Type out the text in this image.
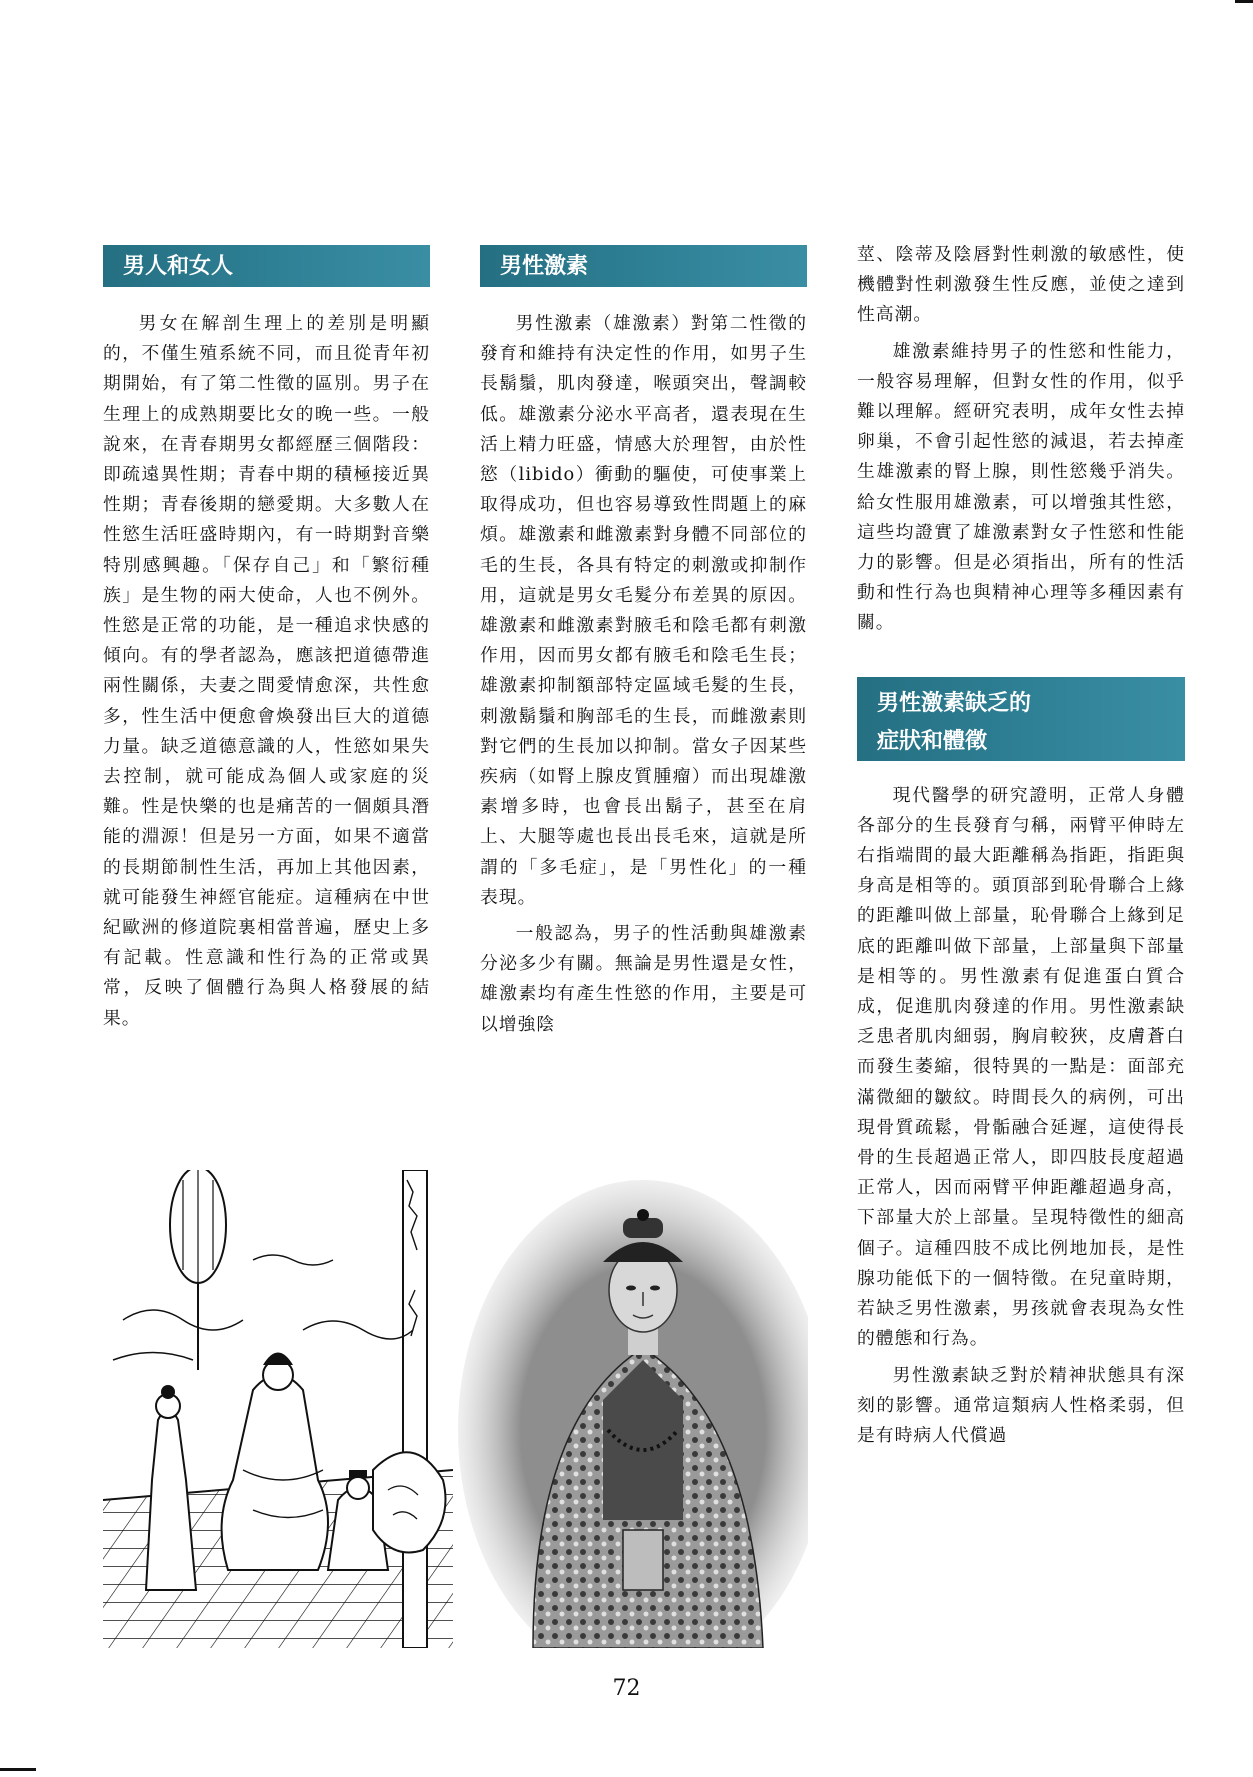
男人和女人

男女在解剖生理上的差別是明顯的，不僅生殖系統不同，而且從青年初期開始，有了第二性徵的區別。男子在生理上的成熟期要比女的晚一些。一般說來，在青春期男女都經歷三個階段：即疏遠異性期；青春中期的積極接近異性期；青春後期的戀愛期。大多數人在性慾生活旺盛時期內，有一時期對音樂特別感興趣。「保存自己」和「繁衍種族」是生物的兩大使命，人也不例外。性慾是正常的功能，是一種追求快感的傾向。有的學者認為，應該把道德帶進兩性關係，夫妻之間愛情愈深，共性愈多，性生活中便愈會煥發出巨大的道德力量。缺乏道德意識的人，性慾如果失去控制，就可能成為個人或家庭的災難。性是快樂的也是痛苦的一個頗具潛能的淵源！但是另一方面，如果不適當的長期節制性生活，再加上其他因素，就可能發生神經官能症。這種病在中世紀歐洲的修道院裏相當普遍，歷史上多有記載。性意識和性行為的正常或異常，反映了個體行為與人格發展的結果。

男性激素

男性激素（雄激素）對第二性徵的發育和維持有決定性的作用，如男子生長鬍鬚，肌肉發達，喉頭突出，聲調較低。雄激素分泌水平高者，還表現在生活上精力旺盛，情感大於理智，由於性慾（libido）衝動的驅使，可使事業上取得成功，但也容易導致性問題上的麻煩。雄激素和雌激素對身體不同部位的毛的生長，各具有特定的刺激或抑制作用，這就是男女毛髮分布差異的原因。雄激素和雌激素對腋毛和陰毛都有刺激作用，因而男女都有腋毛和陰毛生長；雄激素抑制額部特定區域毛髮的生長，刺激鬍鬚和胸部毛的生長，而雌激素則對它們的生長加以抑制。當女子因某些疾病（如腎上腺皮質腫瘤）而出現雄激素增多時，也會長出鬍子，甚至在肩上、大腿等處也長出長毛來，這就是所謂的「多毛症」，是「男性化」的一種表現。

一般認為，男子的性活動與雄激素分泌多少有關。無論是男性還是女性，雄激素均有產生性慾的作用，主要是可以增強陰

莖、陰蒂及陰唇對性刺激的敏感性，使機體對性刺激發生性反應，並使之達到性高潮。

雄激素維持男子的性慾和性能力，一般容易理解，但對女性的作用，似乎難以理解。經研究表明，成年女性去掉卵巢，不會引起性慾的減退，若去掉產生雄激素的腎上腺，則性慾幾乎消失。給女性服用雄激素，可以增強其性慾，這些均證實了雄激素對女子性慾和性能力的影響。但是必須指出，所有的性活動和性行為也與精神心理等多種因素有關。

男性激素缺乏的
症狀和體徵

現代醫學的研究證明，正常人身體各部分的生長發育勻稱，兩臂平伸時左右指端間的最大距離稱為指距，指距與身高是相等的。頭頂部到恥骨聯合上緣的距離叫做上部量，恥骨聯合上緣到足底的距離叫做下部量，上部量與下部量是相等的。男性激素有促進蛋白質合成，促進肌肉發達的作用。男性激素缺乏患者肌肉細弱，胸肩較狹，皮膚蒼白而發生萎縮，很特異的一點是：面部充滿微細的皺紋。時間長久的病例，可出現骨質疏鬆，骨骺融合延遲，這使得長骨的生長超過正常人，即四肢長度超過正常人，因而兩臂平伸距離超過身高，下部量大於上部量。呈現特徵性的細高個子。這種四肢不成比例地加長，是性腺功能低下的一個特徵。在兒童時期，若缺乏男性激素，男孩就會表現為女性的體態和行為。

男性激素缺乏對於精神狀態具有深刻的影響。通常這類病人性格柔弱，但是有時病人代償過

72
